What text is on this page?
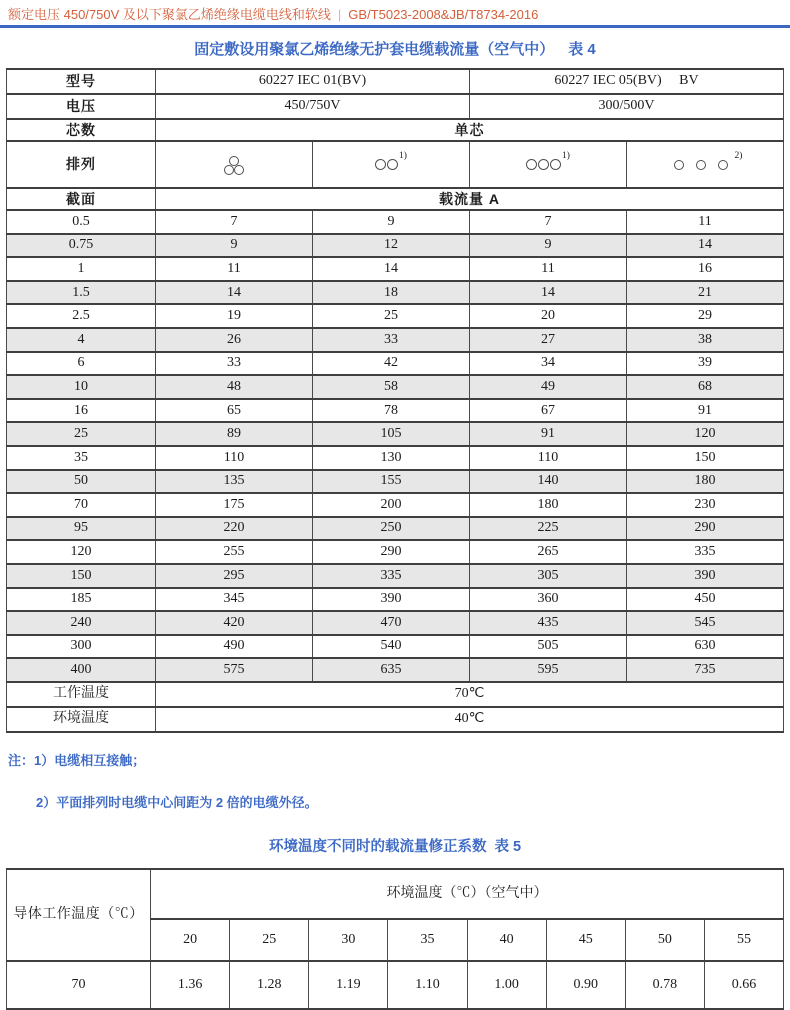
额定电压 450/750V 及以下聚氯乙烯绝缘电缆电线和软线 | GB/T5023-2008&JB/T8734-2016
固定敷设用聚氯乙烯绝缘无护套电缆载流量（空气中） 表 4
型号	60227 IEC 01(BV)		60227 IEC 05(BV)　 BV	
电压	450/750V		300/500V	
芯数	单芯			
排列		$^{1)}$	$^{1)}$	$^{2)}$
截面	载流量 A			
0.5	7	9	7	11
0.75	9	12	9	14
1	11	14	11	16
1.5	14	18	14	21
2.5	19	25	20	29
4	26	33	27	38
6	33	42	34	39
10	48	58	49	68
16	65	78	67	91
25	89	105	91	120
35	110	130	110	150
50	135	155	140	180
70	175	200	180	230
95	220	250	225	290
120	255	290	265	335
150	295	335	305	390
185	345	390	360	450
240	420	470	435	545
300	490	540	505	630
400	575	635	595	735
工作温度	70℃			
环境温度	40℃			
注：1）电缆相互接触；
2）平面排列时电缆中心间距为 2 倍的电缆外径。
环境温度不同时的载流量修正系数 表 5
导体工作温度（℃）	环境温度（℃）（空气中）							
	20	25	30	35	40	45	50	55
70	1.36	1.28	1.19	1.10	1.00	0.90	0.78	0.66
